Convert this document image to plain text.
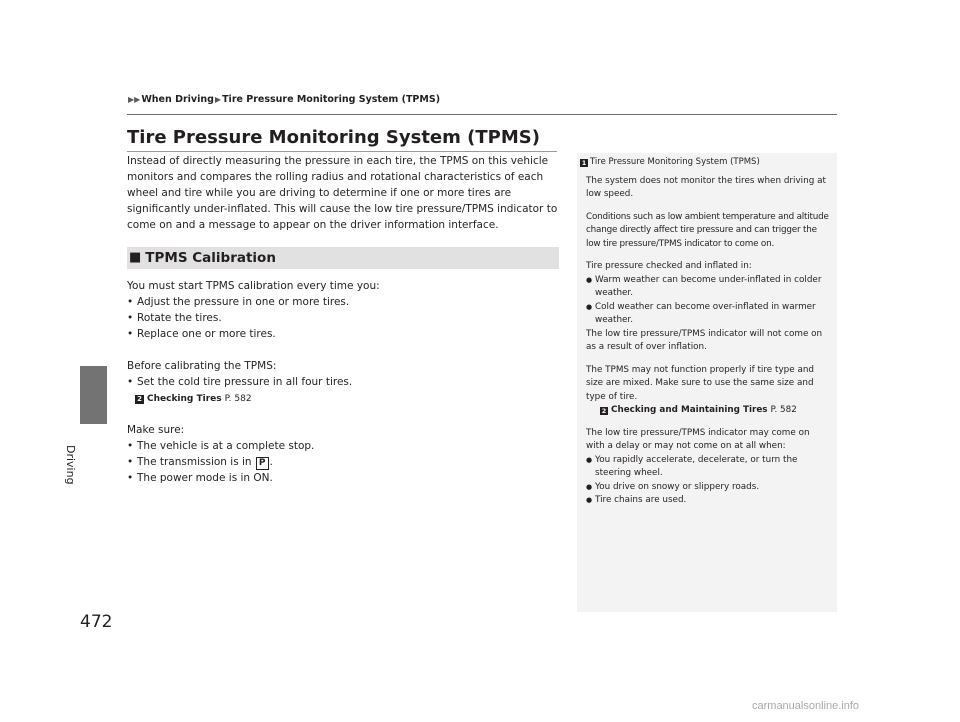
Driving
472
▶▶ When Driving ▶ Tire Pressure Monitoring System (TPMS)
Tire Pressure Monitoring System (TPMS)

Instead of directly measuring the pressure in each tire, the TPMS on this vehicle monitors and compares the rolling radius and rotational characteristics of each wheel and tire while you are driving to determine if one or more tires are significantly under-inflated. This will cause the low tire pressure/TPMS indicator to come on and a message to appear on the driver information interface.

■ TPMS Calibration

You must start TPMS calibration every time you:

• Adjust the pressure in one or more tires.
• Rotate the tires.
• Replace one or more tires.

Before calibrating the TPMS:

• Set the cold tire pressure in all four tires.
2 Checking Tires P. 582

Make sure:

• The vehicle is at a complete stop.
• The transmission is in P .
• The power mode is in ON.
1 Tire Pressure Monitoring System (TPMS)

The system does not monitor the tires when driving at low speed.

Conditions such as low ambient temperature and altitude change directly affect tire pressure and can trigger the low tire pressure/TPMS indicator to come on.

Tire pressure checked and inflated in:

● Warm weather can become under-inflated in colder weather.
● Cold weather can become over-inflated in warmer weather.

The low tire pressure/TPMS indicator will not come on as a result of over inflation.

The TPMS may not function properly if tire type and size are mixed. Make sure to use the same size and type of tire.

2 Checking and Maintaining Tires P. 582

The low tire pressure/TPMS indicator may come on with a delay or may not come on at all when:

● You rapidly accelerate, decelerate, or turn the steering wheel.
● You drive on snowy or slippery roads.
● Tire chains are used.
carmanualsonline.info
